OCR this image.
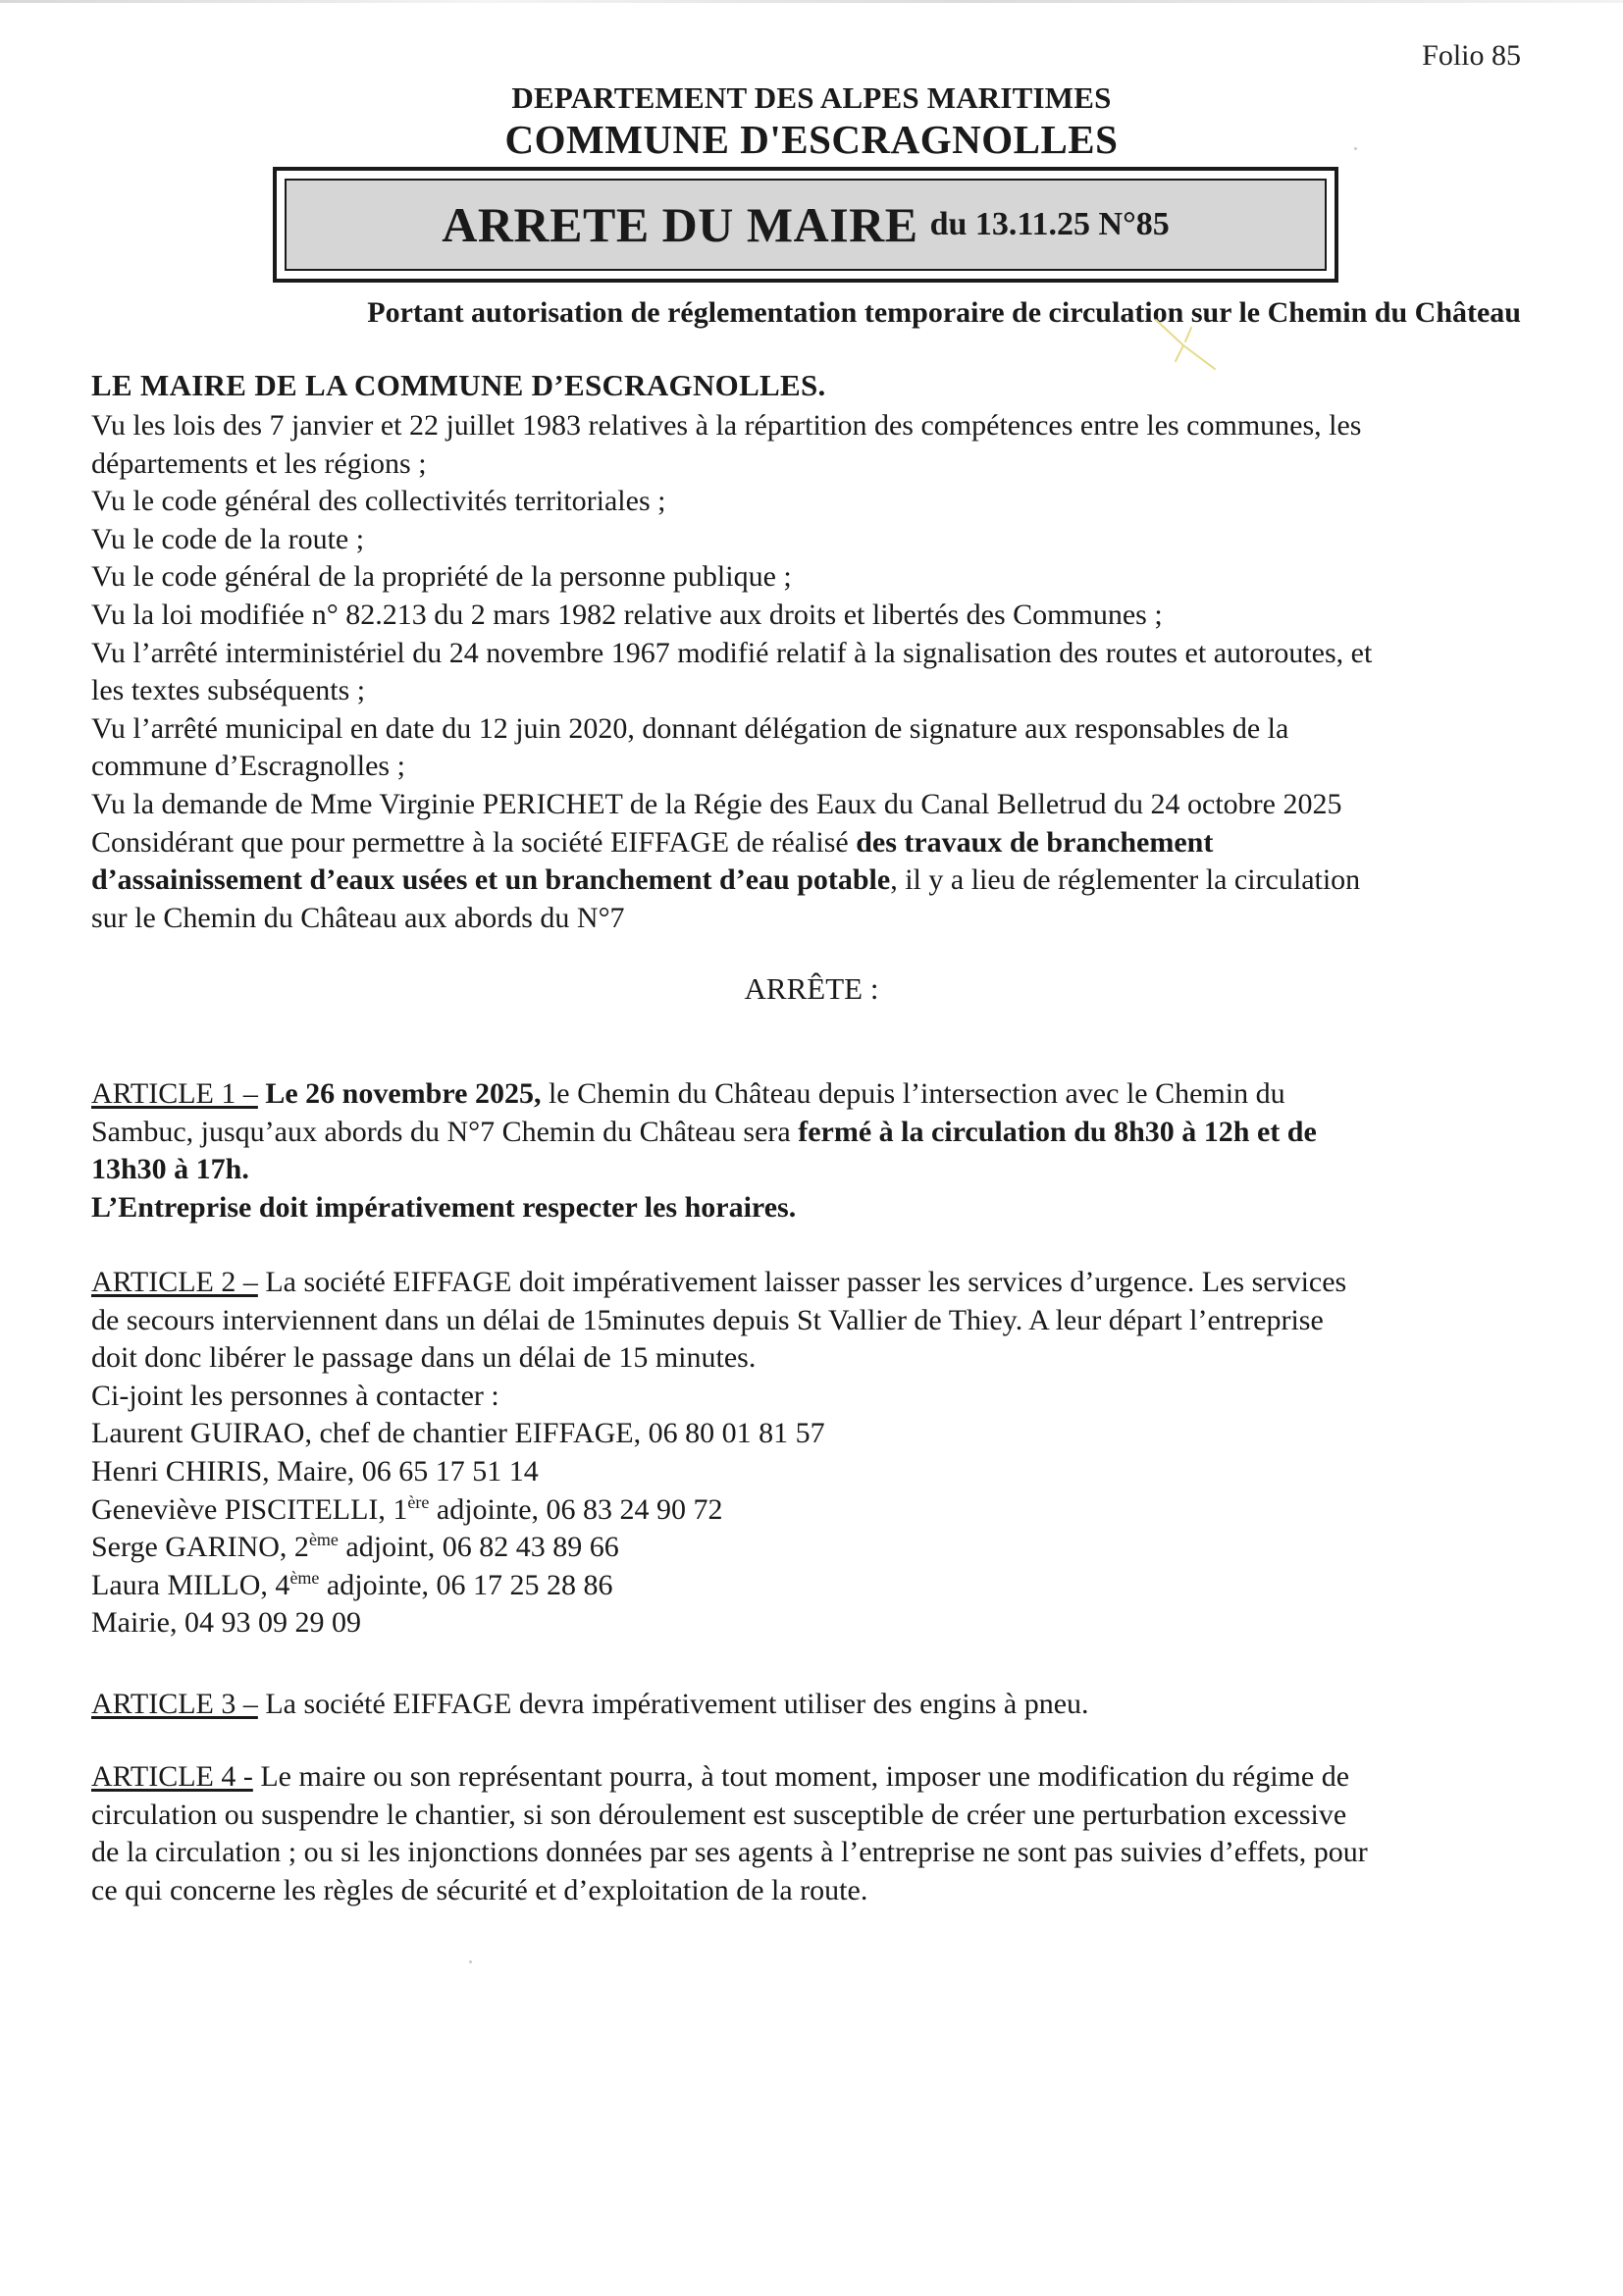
Folio 85
DEPARTEMENT DES ALPES MARITIMES
COMMUNE D'ESCRAGNOLLES
ARRETE DU MAIRE du 13.11.25 N°85
Portant autorisation de réglementation temporaire de circulation sur le Chemin du Château
LE MAIRE DE LA COMMUNE D’ESCRAGNOLLES.
Vu les lois des 7 janvier et 22 juillet 1983 relatives à la répartition des compétences entre les communes, les
départements et les régions ;
Vu le code général des collectivités territoriales ;
Vu le code de la route ;
Vu le code général de la propriété de la personne publique ;
Vu la loi modifiée n° 82.213 du 2 mars 1982 relative aux droits et libertés des Communes ;
Vu l’arrêté interministériel du 24 novembre 1967 modifié relatif à la signalisation des routes et autoroutes, et
les textes subséquents ;
Vu l’arrêté municipal en date du 12 juin 2020, donnant délégation de signature aux responsables de la
commune d’Escragnolles ;
Vu la demande de Mme Virginie PERICHET de la Régie des Eaux du Canal Belletrud du 24 octobre 2025
Considérant que pour permettre à la société EIFFAGE de réalisé des travaux de branchement
d’assainissement d’eaux usées et un branchement d’eau potable, il y a lieu de réglementer la circulation
sur le Chemin du Château aux abords du N°7
ARRÊTE :
ARTICLE 1 – Le 26 novembre 2025, le Chemin du Château depuis l’intersection avec le Chemin du
Sambuc, jusqu’aux abords du N°7 Chemin du Château sera fermé à la circulation du 8h30 à 12h et de
13h30 à 17h.
L’Entreprise doit impérativement respecter les horaires.
ARTICLE 2 – La société EIFFAGE doit impérativement laisser passer les services d’urgence. Les services
de secours interviennent dans un délai de 15minutes depuis St Vallier de Thiey. A leur départ l’entreprise
doit donc libérer le passage dans un délai de 15 minutes.
Ci-joint les personnes à contacter :
Laurent GUIRAO, chef de chantier EIFFAGE, 06 80 01 81 57
Henri CHIRIS, Maire, 06 65 17 51 14
Geneviève PISCITELLI, 1ère adjointe, 06 83 24 90 72
Serge GARINO, 2ème adjoint, 06 82 43 89 66
Laura MILLO, 4ème adjointe, 06 17 25 28 86
Mairie, 04 93 09 29 09
ARTICLE 3 – La société EIFFAGE devra impérativement utiliser des engins à pneu.
ARTICLE 4 - Le maire ou son représentant pourra, à tout moment, imposer une modification du régime de
circulation ou suspendre le chantier, si son déroulement est susceptible de créer une perturbation excessive
de la circulation ; ou si les injonctions données par ses agents à l’entreprise ne sont pas suivies d’effets, pour
ce qui concerne les règles de sécurité et d’exploitation de la route.
